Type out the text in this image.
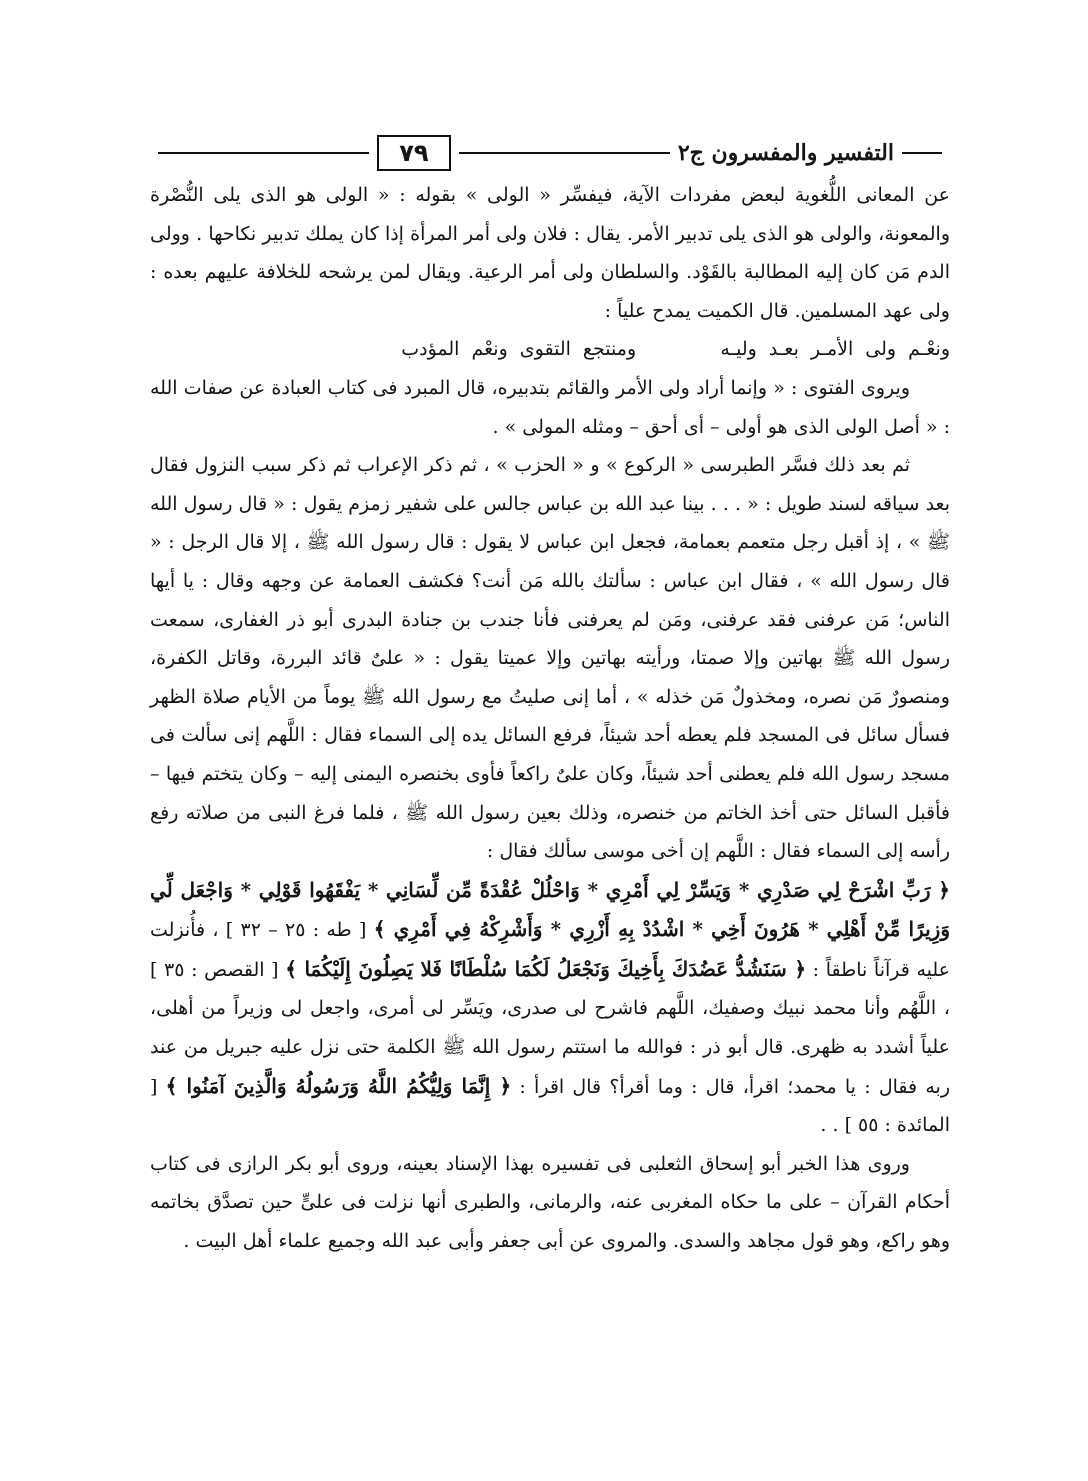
التفسير والمفسرون ج٢
٧٩

عن المعانى اللُّغوية لبعض مفردات الآية، فيفسِّر « الولى » بقوله : « الولى هو الذى يلى النُّصْرة والمعونة، والولى هو الذى يلى تدبير الأمر. يقال : فلان ولى أمر المرأة إذا كان يملك تدبير نكاحها . وولى الدم مَن كان إليه المطالبة بالقَوْد. والسلطان ولى أمر الرعية. ويقال لمن يرشحه للخلافة عليهم بعده : ولى عهد المسلمين. قال الكميت يمدح علياً :

ونعْـم ولى الأمـر بعـد وليـه       ومنتجع التقوى ونعْم المؤدب

ويروى الفتوى : « وإنما أراد ولى الأمر والقائم بتدبيره، قال المبرد فى كتاب العبادة عن صفات الله : « أصل الولى الذى هو أولى – أى أحق – ومثله المولى » .

ثم بعد ذلك فسَّر الطبرسى « الركوع » و « الحزب » ، ثم ذكر الإعراب ثم ذكر سبب النزول فقال بعد سياقه لسند طويل : « . . . بينا عبد الله بن عباس جالس على شفير زمزم يقول : « قال رسول الله ﷺ » ، إذ أقبل رجل متعمم بعمامة، فجعل ابن عباس لا يقول : قال رسول الله ﷺ ، إلا قال الرجل : « قال رسول الله » ، فقال ابن عباس : سألتك بالله مَن أنت؟ فكشف العمامة عن وجهه وقال : يا أيها الناس؛ مَن عرفنى فقد عرفنى، ومَن لم يعرفنى فأنا جندب بن جنادة البدرى أبو ذر الغفارى، سمعت رسول الله ﷺ بهاتين وإلا صمتا، ورأيته بهاتين وإلا عميتا يقول : « علىٌ قائد البررة، وقاتل الكفرة، ومنصورٌ مَن نصره، ومخذولٌ مَن خذله » ، أما إنى صليتُ مع رسول الله ﷺ يوماً من الأيام صلاة الظهر فسأل سائل فى المسجد فلم يعطه أحد شيئاً، فرفع السائل يده إلى السماء فقال : اللَّهم إنى سألت فى مسجد رسول الله فلم يعطنى أحد شيئاً، وكان علىٌ راكعاً فأوى بخنصره اليمنى إليه – وكان يتختم فيها – فأقبل السائل حتى أخذ الخاتم من خنصره، وذلك بعين رسول الله ﷺ ، فلما فرغ النبى من صلاته رفع رأسه إلى السماء فقال : اللَّهم إن أخى موسى سألك فقال :

﴿ رَبِّ اشْرَحْ لِي صَدْرِي * وَيَسِّرْ لِي أَمْرِي * وَاحْلُلْ عُقْدَةً مِّن لِّسَانِي * يَفْقَهُوا قَوْلِي * وَاجْعَل لِّي وَزِيرًا مِّنْ أَهْلِي * هَرُونَ أَخِي * اشْدُدْ بِهِ أَزْرِي * وَأَشْرِكْهُ فِي أَمْرِي ﴾ [ طه : ٢٥ – ٣٢ ] ، فأُنزلت عليه قرآناً ناطقاً : ﴿ سَنَشُدُّ عَضُدَكَ بِأَخِيكَ وَنَجْعَلُ لَكُمَا سُلْطَانًا فَلا يَصِلُونَ إِلَيْكُمَا ﴾ [ القصص : ٣٥ ] ، اللَّهُم وأنا محمد نبيك وصفيك، اللَّهم فاشرح لى صدرى، ويَسِّر لى أمرى، واجعل لى وزيراً من أهلى، علياً أشدد به ظهرى. قال أبو ذر : فوالله ما استتم رسول الله ﷺ الكلمة حتى نزل عليه جبريل من عند ربه فقال : يا محمد؛ اقرأ، قال : وما أقرأ؟ قال اقرأ : ﴿ إِنَّمَا وَلِيُّكُمُ اللَّهُ وَرَسُولُهُ وَالَّذِينَ آمَنُوا ﴾ [ المائدة : ٥٥ ] . .

وروى هذا الخبر أبو إسحاق الثعلبى فى تفسيره بهذا الإسناد بعينه، وروى أبو بكر الرازى فى كتاب أحكام القرآن – على ما حكاه المغربى عنه، والرمانى، والطبرى أنها نزلت فى علىٍّ حين تصدَّق بخاتمه وهو راكع، وهو قول مجاهد والسدى. والمروى عن أبى جعفر وأبى عبد الله وجميع علماء أهل البيت .
